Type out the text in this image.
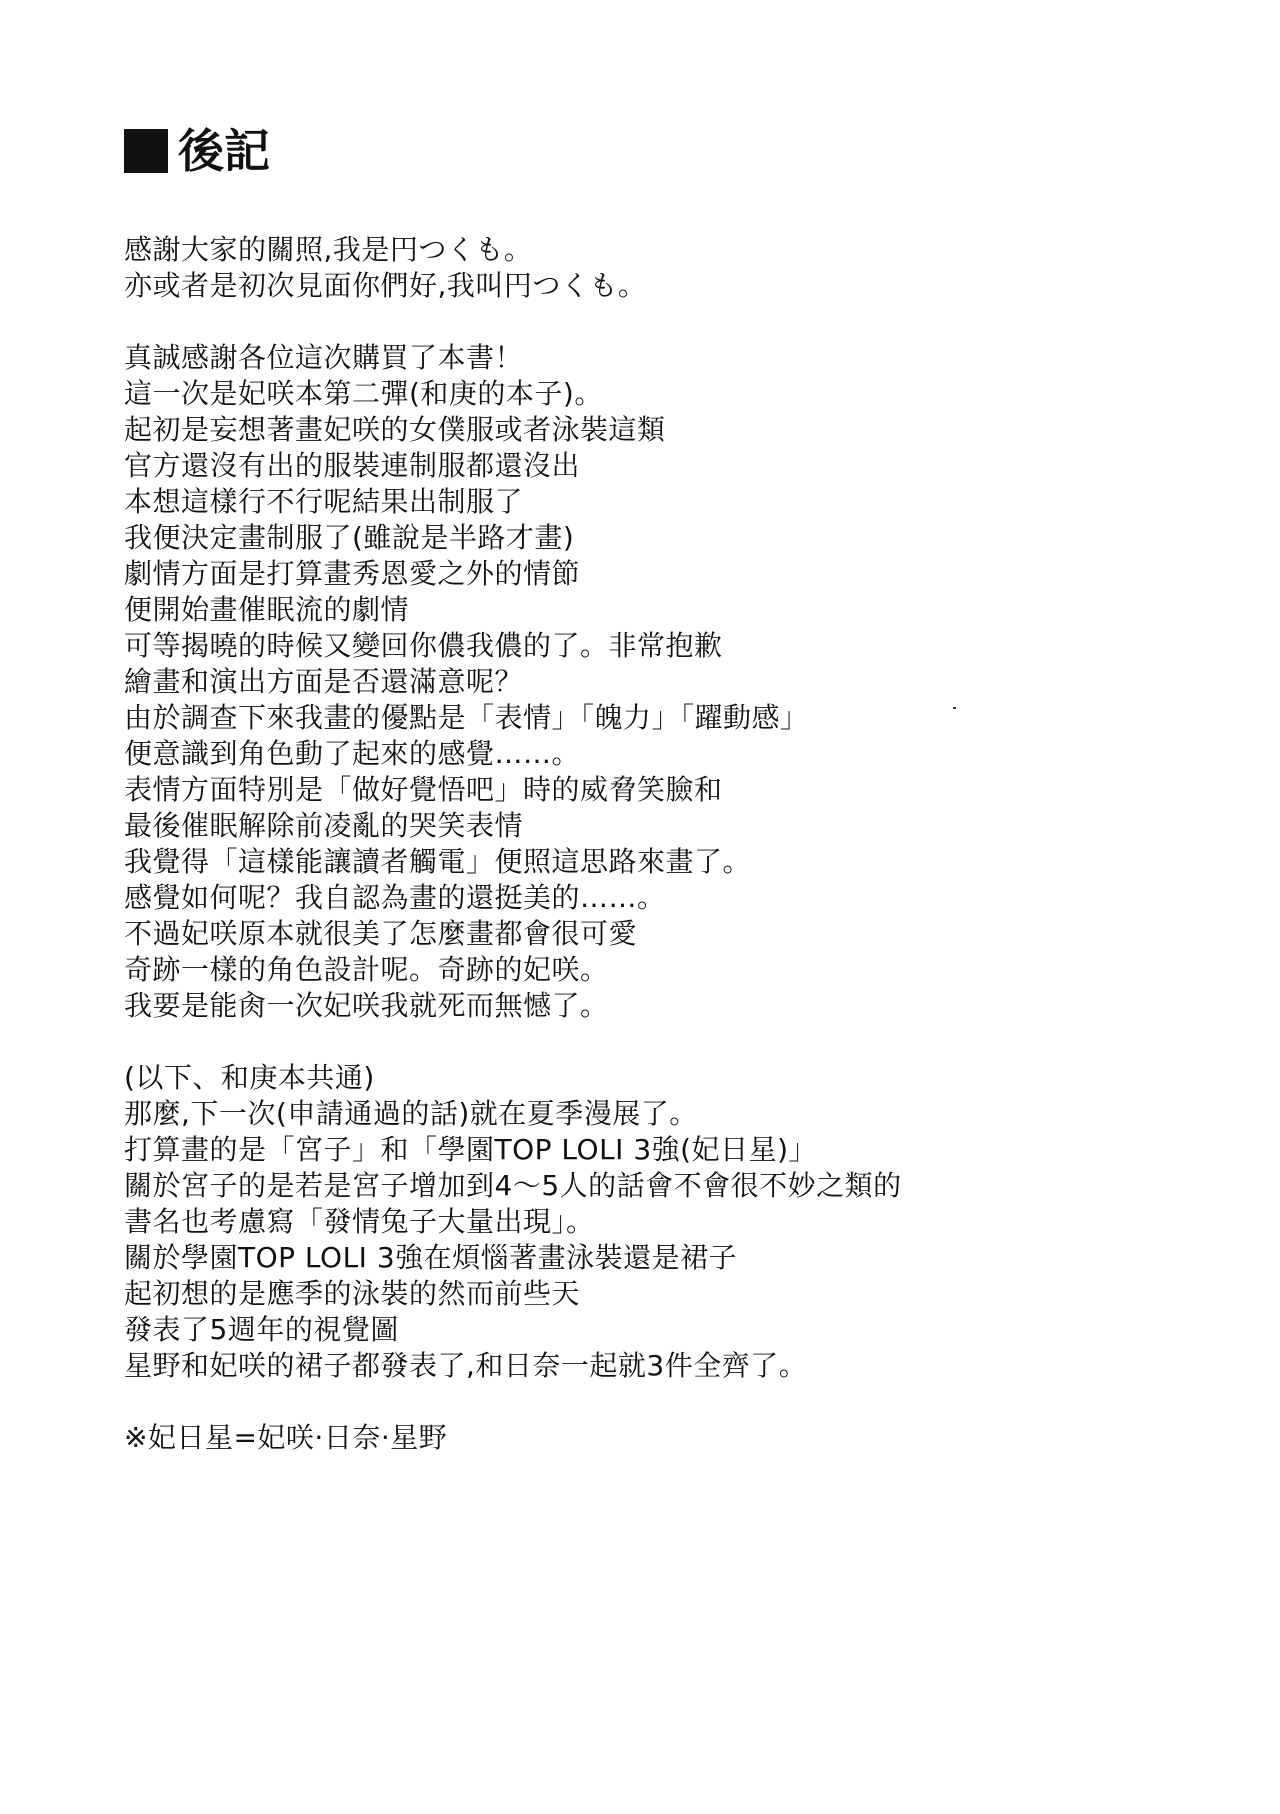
後記
感謝大家的關照,我是円つくも。
亦或者是初次見面你們好,我叫円つくも。
真誠感謝各位這次購買了本書！
這一次是妃咲本第二彈(和庚的本子)。
起初是妄想著畫妃咲的女僕服或者泳裝這類
官方還沒有出的服裝連制服都還沒出
本想這樣行不行呢結果出制服了
我便決定畫制服了(雖說是半路才畫)
劇情方面是打算畫秀恩愛之外的情節
便開始畫催眠流的劇情
可等揭曉的時候又變回你儂我儂的了。非常抱歉
繪畫和演出方面是否還滿意呢？
由於調查下來我畫的優點是「表情」「魄力」「躍動感」
便意識到角色動了起來的感覺……。
表情方面特別是「做好覺悟吧」時的威脅笑臉和
最後催眠解除前凌亂的哭笑表情
我覺得「這樣能讓讀者觸電」便照這思路來畫了。
感覺如何呢？我自認為畫的還挺美的……。
不過妃咲原本就很美了怎麼畫都會很可愛
奇跡一樣的角色設計呢。奇跡的妃咲。
我要是能肏一次妃咲我就死而無憾了。
(以下、和庚本共通)
那麼,下一次(申請通過的話)就在夏季漫展了。
打算畫的是「宮子」和「學園TOP LOLI 3強(妃日星)」
關於宮子的是若是宮子增加到4〜5人的話會不會很不妙之類的
書名也考慮寫「發情兔子大量出現」。
關於學園TOP LOLI 3強在煩惱著畫泳裝還是裙子
起初想的是應季的泳裝的然而前些天
發表了5週年的視覺圖
星野和妃咲的裙子都發表了,和日奈一起就3件全齊了。
※妃日星=妃咲·日奈·星野
